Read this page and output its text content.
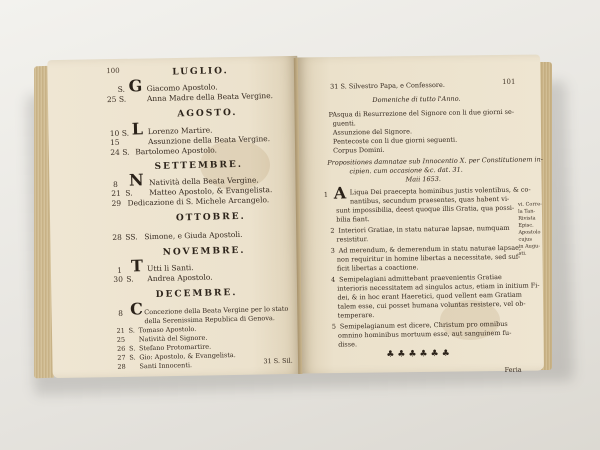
100	LUGLIO.
S. G Giacomo Apostolo.
25 S.	Anna Madre della Beata Vergine.
AGOSTO.
10 S. L Lorenzo Martire.
15	Assunzione della Beata Vergine.
24 S. Bartolomeo Apostolo.
SETTEMBRE.
8 N Natività della Beata Vergine.
21 S. Matteo Apostolo, & Evangelista.
29 Dedicazione di S. Michele Arcangelo.
OTTOBRE.
28 SS. Simone, e Giuda Apostoli.
NOVEMBRE.
1 T Utti li Santi.
30 S. Andrea Apostolo.
DECEMBRE.
8 C Concezione della Beata Vergine per lo stato
della Serenissima Republica di Genova.
21 S. Tomaso Apostolo.
25 Natività del Signore.
26 S. Stefano Protomartire.
27 S. Gio: Apostolo, & Evangelista.
28 Santi Innocenti.
31 S. Sil.
31 S. Silvestro Papa, e Confessore.	101
Domeniche di tutto l'Anno.
PAsqua di Resurrezione del Signore con li due giorni se-
guenti.
Assunzione del Signore.
Pentecoste con li due giorni seguenti.
Corpus Domini.
Propositiones damnatae sub Innocentio X. per Constitutionem in-
cipien. cum occasione &c. dat. 31.
Maii 1653.
1 A Liqua Dei praecepta hominibus justis volentibus, & co-
nantibus, secundum praesentes, quas habent vi-
sunt impossibilia, deest quoque illis Gratia, qua possi-
bilia fiant.
2 Interiori Gratiae, in statu naturae lapsae, numquam
resistitur.
3 Ad merendum, & demerendum in statu naturae lapsae,
non requiritur in homine libertas a necessitate, sed suf-
ficit libertas a coactione.
4 Semipelagiani admittebant praevenientis Gratiae
interioris necessitatem ad singulos actus, etiam in initium Fi-
dei, & in hoc erant Haeretici, quod vellent eam Gratiam
talem esse, cui posset humana voluntas resistere, vel ob-
temperare.
5 Semipelagianum est dicere, Christum pro omnibus
omnino hominibus mortuum esse, aut sanguinem fu-
disse.
vi. Corre-
la Tan-
Rivista
Episc.
Apostolo
cujus
in Augu-
sti.
♣♣♣♣♣♣
Feria
